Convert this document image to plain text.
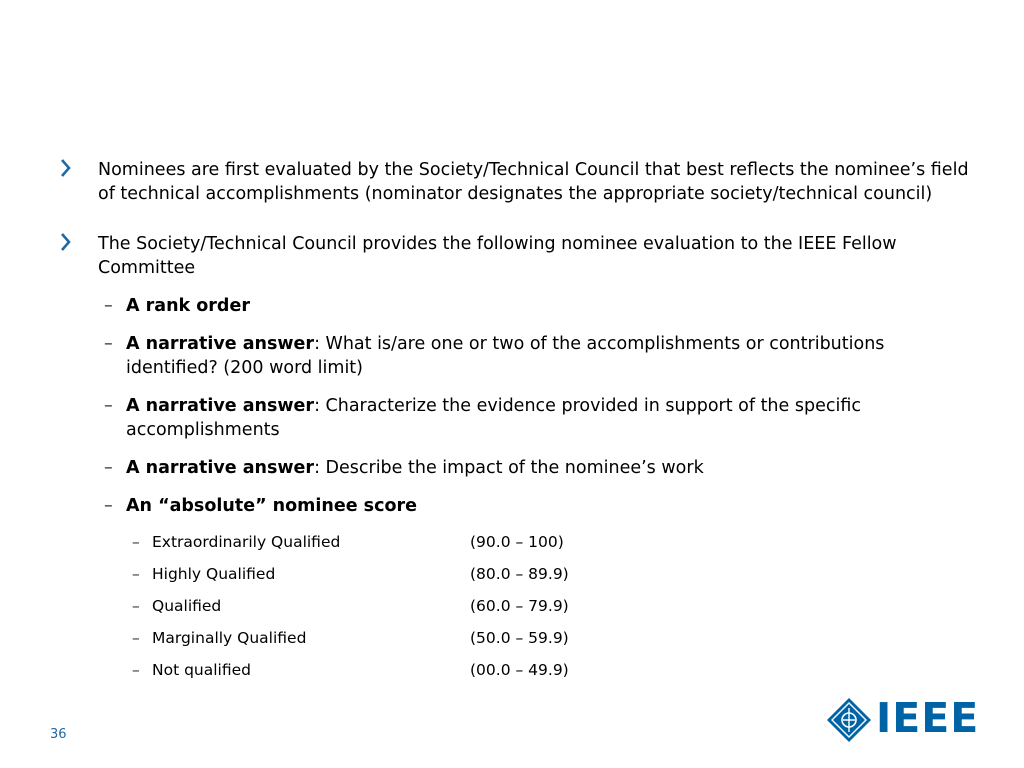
Nominees are first evaluated by the Society/Technical Council that best reflects the nominee’s field of technical accomplishments (nominator designates the appropriate society/technical council)
The Society/Technical Council provides the following nominee evaluation to the IEEE Fellow Committee
– A rank order
– A narrative answer: What is/are one or two of the accomplishments or contributions identified? (200 word limit)
– A narrative answer: Characterize the evidence provided in support of the specific accomplishments
– A narrative answer: Describe the impact of the nominee’s work
– An “absolute” nominee score
– Extraordinarily Qualified	(90.0 – 100)
– Highly Qualified	(80.0 – 89.9)
– Qualified	(60.0 – 79.9)
– Marginally Qualified	(50.0 – 59.9)
– Not qualified	(00.0 – 49.9)
36	IEEE
